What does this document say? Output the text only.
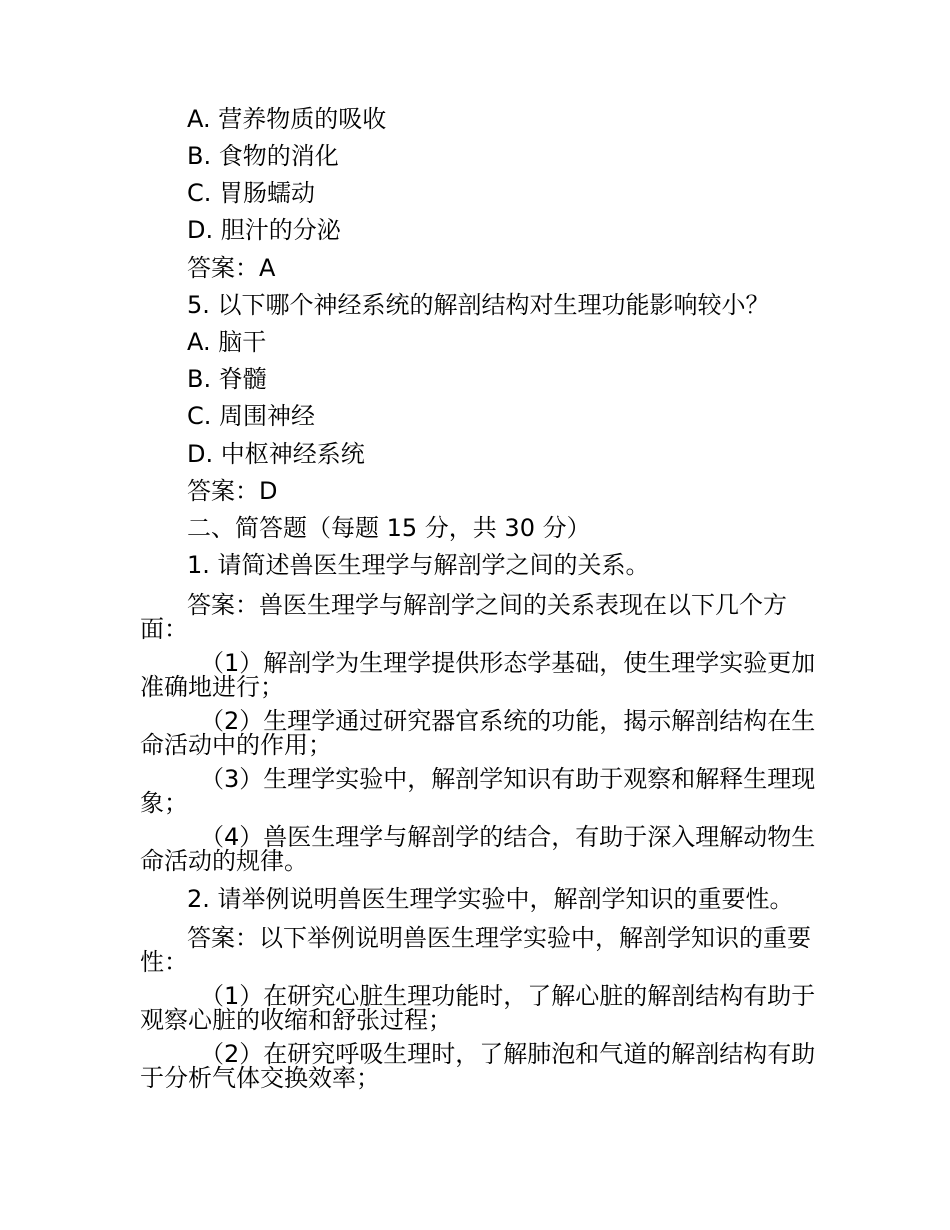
A. 营养物质的吸收

B. 食物的消化

C. 胃肠蠕动

D. 胆汁的分泌

答案：A

5. 以下哪个神经系统的解剖结构对生理功能影响较小？

A. 脑干

B. 脊髓

C. 周围神经

D. 中枢神经系统

答案：D

二、简答题（每题 15 分，共 30 分）

1. 请简述兽医生理学与解剖学之间的关系。

答案：兽医生理学与解剖学之间的关系表现在以下几个方面：

（1）解剖学为生理学提供形态学基础，使生理学实验更加准确地进行；

（2）生理学通过研究器官系统的功能，揭示解剖结构在生命活动中的作用；

（3）生理学实验中，解剖学知识有助于观察和解释生理现象；

（4）兽医生理学与解剖学的结合，有助于深入理解动物生命活动的规律。

2. 请举例说明兽医生理学实验中，解剖学知识的重要性。

答案：以下举例说明兽医生理学实验中，解剖学知识的重要性：

（1）在研究心脏生理功能时，了解心脏的解剖结构有助于观察心脏的收缩和舒张过程；

（2）在研究呼吸生理时，了解肺泡和气道的解剖结构有助于分析气体交换效率；
